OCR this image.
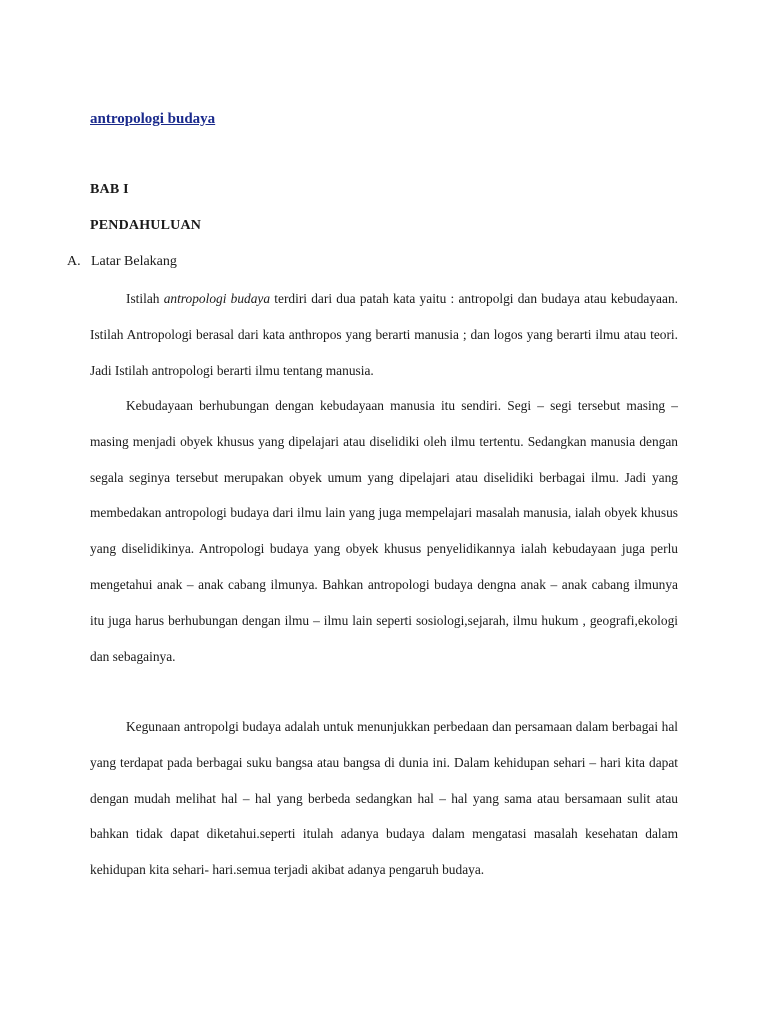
antropologi budaya
BAB I
PENDAHULUAN
A. Latar Belakang

Istilah antropologi budaya terdiri dari dua patah kata yaitu : antropolgi dan budaya atau kebudayaan. Istilah Antropologi berasal dari kata anthropos yang berarti manusia ; dan logos yang berarti ilmu atau teori. Jadi Istilah antropologi berarti ilmu tentang manusia.

Kebudayaan berhubungan dengan kebudayaan manusia itu sendiri. Segi – segi tersebut masing – masing menjadi obyek khusus yang dipelajari atau diselidiki oleh ilmu tertentu. Sedangkan manusia dengan segala seginya tersebut merupakan obyek umum yang dipelajari atau diselidiki berbagai ilmu. Jadi yang membedakan antropologi budaya dari ilmu lain yang juga mempelajari masalah manusia, ialah obyek khusus yang diselidikinya. Antropologi budaya yang obyek khusus penyelidikannya ialah kebudayaan juga perlu mengetahui anak – anak cabang ilmunya. Bahkan antropologi budaya dengna anak – anak cabang ilmunya itu juga harus berhubungan dengan ilmu – ilmu lain seperti sosiologi,sejarah, ilmu hukum , geografi,ekologi dan sebagainya.

Kegunaan antropolgi budaya adalah untuk menunjukkan perbedaan dan persamaan dalam berbagai hal yang terdapat pada berbagai suku bangsa atau bangsa di dunia ini. Dalam kehidupan sehari – hari kita dapat dengan mudah melihat hal – hal yang berbeda sedangkan hal – hal yang sama atau bersamaan sulit atau bahkan tidak dapat diketahui.seperti itulah adanya budaya dalam mengatasi masalah kesehatan dalam kehidupan kita sehari- hari.semua terjadi akibat adanya pengaruh budaya.
